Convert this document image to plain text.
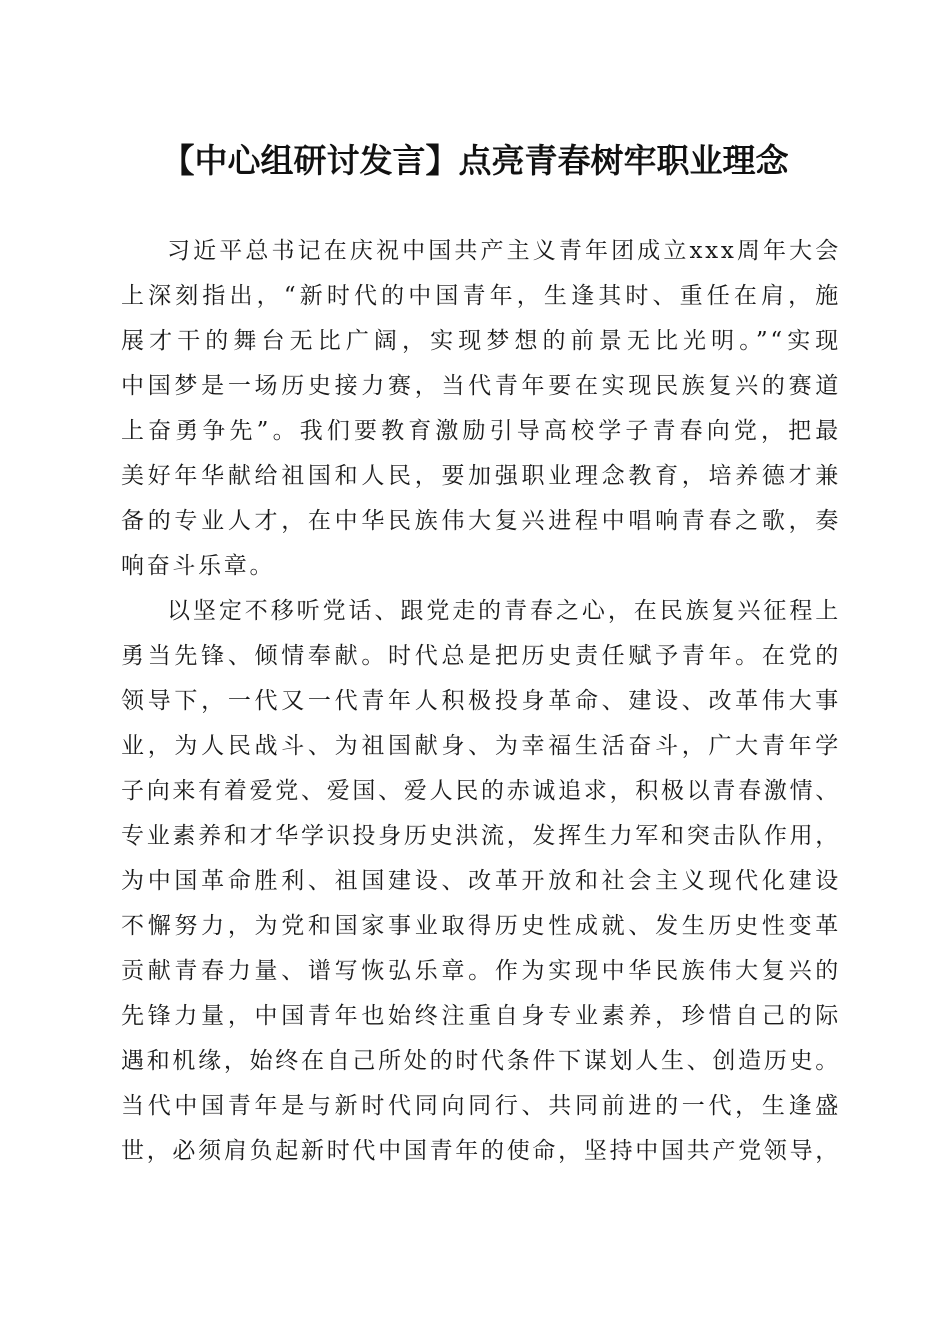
【中心组研讨发言】点亮青春树牢职业理念
习近平总书记在庆祝中国共产主义青年团成立xxx周年大会
上深刻指出，“新时代的中国青年，生逢其时、重任在肩，施
展才干的舞台无比广阔，实现梦想的前景无比光明。”“实现
中国梦是一场历史接力赛，当代青年要在实现民族复兴的赛道
上奋勇争先”。我们要教育激励引导高校学子青春向党，把最
美好年华献给祖国和人民，要加强职业理念教育，培养德才兼
备的专业人才，在中华民族伟大复兴进程中唱响青春之歌，奏
响奋斗乐章。
以坚定不移听党话、跟党走的青春之心，在民族复兴征程上
勇当先锋、倾情奉献。时代总是把历史责任赋予青年。在党的
领导下，一代又一代青年人积极投身革命、建设、改革伟大事
业，为人民战斗、为祖国献身、为幸福生活奋斗，广大青年学
子向来有着爱党、爱国、爱人民的赤诚追求，积极以青春激情、
专业素养和才华学识投身历史洪流，发挥生力军和突击队作用，
为中国革命胜利、祖国建设、改革开放和社会主义现代化建设
不懈努力，为党和国家事业取得历史性成就、发生历史性变革
贡献青春力量、谱写恢弘乐章。作为实现中华民族伟大复兴的
先锋力量，中国青年也始终注重自身专业素养，珍惜自己的际
遇和机缘，始终在自己所处的时代条件下谋划人生、创造历史。
当代中国青年是与新时代同向同行、共同前进的一代，生逢盛
世，必须肩负起新时代中国青年的使命，坚持中国共产党领导，
